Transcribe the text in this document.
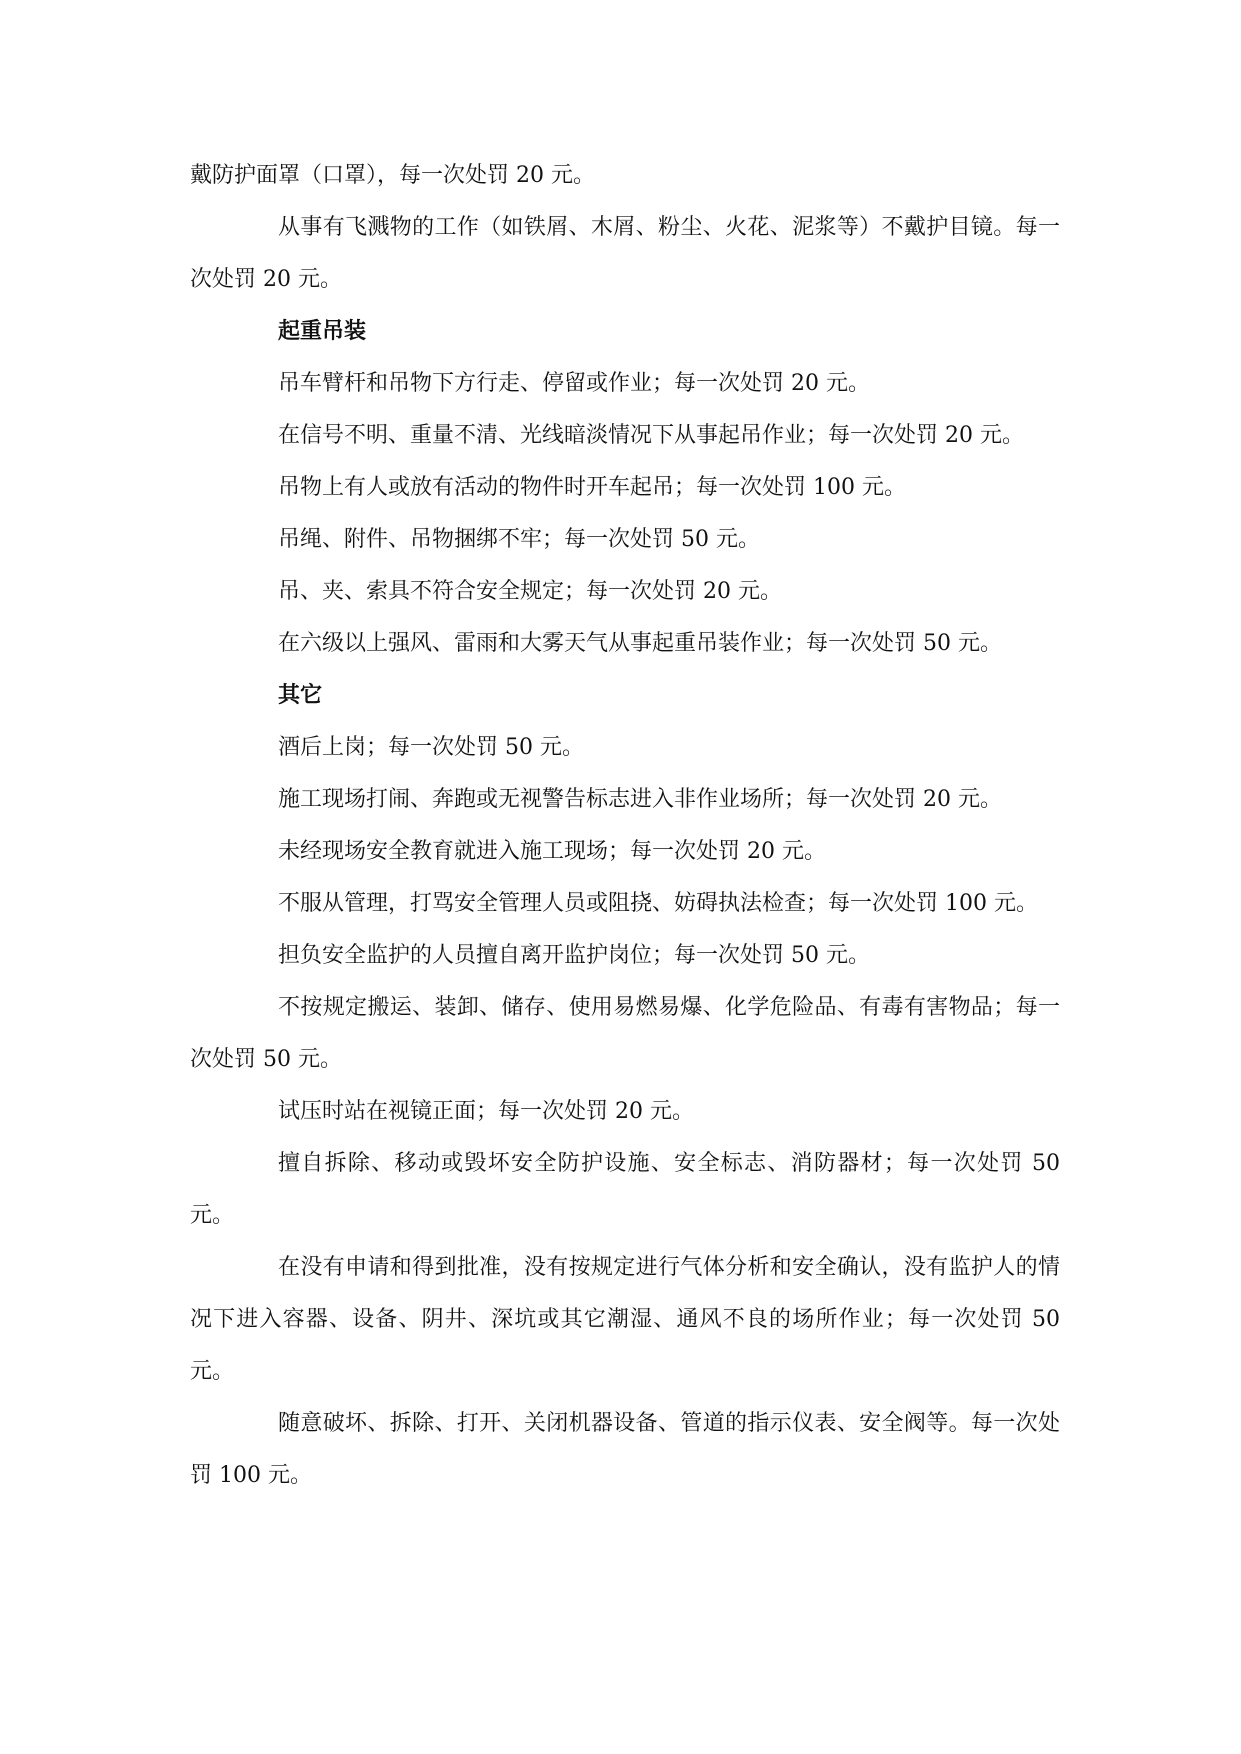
戴防护面罩（口罩），每一次处罚 20 元。

从事有飞溅物的工作（如铁屑、木屑、粉尘、火花、泥浆等）不戴护目镜。每一次处罚 20 元。

起重吊装

吊车臂杆和吊物下方行走、停留或作业；每一次处罚 20 元。

在信号不明、重量不清、光线暗淡情况下从事起吊作业；每一次处罚 20 元。

吊物上有人或放有活动的物件时开车起吊；每一次处罚 100 元。

吊绳、附件、吊物捆绑不牢；每一次处罚 50 元。

吊、夹、索具不符合安全规定；每一次处罚 20 元。

在六级以上强风、雷雨和大雾天气从事起重吊装作业；每一次处罚 50 元。

其它

酒后上岗；每一次处罚 50 元。

施工现场打闹、奔跑或无视警告标志进入非作业场所；每一次处罚 20 元。

未经现场安全教育就进入施工现场；每一次处罚 20 元。

不服从管理，打骂安全管理人员或阻挠、妨碍执法检查；每一次处罚 100 元。

担负安全监护的人员擅自离开监护岗位；每一次处罚 50 元。

不按规定搬运、装卸、储存、使用易燃易爆、化学危险品、有毒有害物品；每一次处罚 50 元。

试压时站在视镜正面；每一次处罚 20 元。

擅自拆除、移动或毁坏安全防护设施、安全标志、消防器材；每一次处罚 50 元。

在没有申请和得到批准，没有按规定进行气体分析和安全确认，没有监护人的情况下进入容器、设备、阴井、深坑或其它潮湿、通风不良的场所作业；每一次处罚 50 元。

随意破坏、拆除、打开、关闭机器设备、管道的指示仪表、安全阀等。每一次处罚 100 元。
